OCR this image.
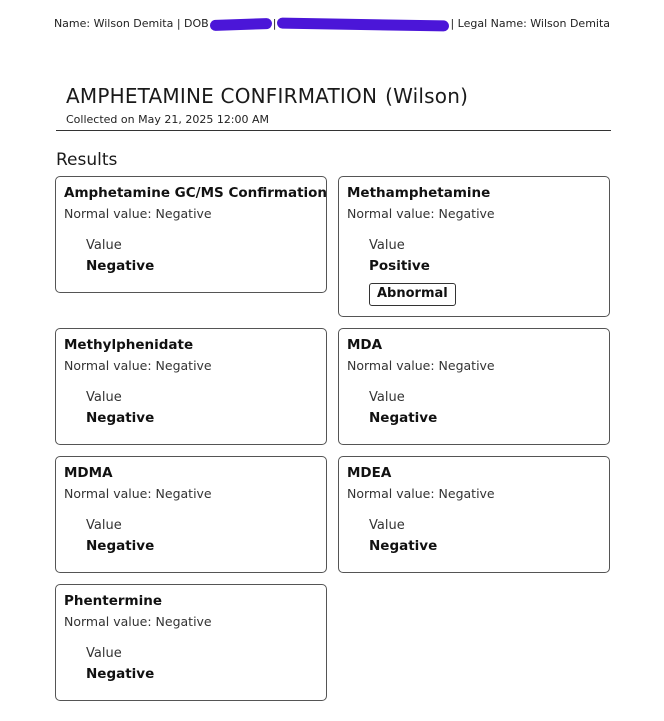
Name: Wilson Demita | DOB	|	| Legal Name: Wilson Demita
AMPHETAMINE CONFIRMATION (Wilson)
Collected on May 21, 2025 12:00 AM
Results
Amphetamine GC/MS Confirmation
Normal value: Negative
Value
Negative
Methamphetamine
Normal value: Negative
Value
Positive
Abnormal
Methylphenidate
Normal value: Negative
Value
Negative
MDA
Normal value: Negative
Value
Negative
MDMA
Normal value: Negative
Value
Negative
MDEA
Normal value: Negative
Value
Negative
Phentermine
Normal value: Negative
Value
Negative
